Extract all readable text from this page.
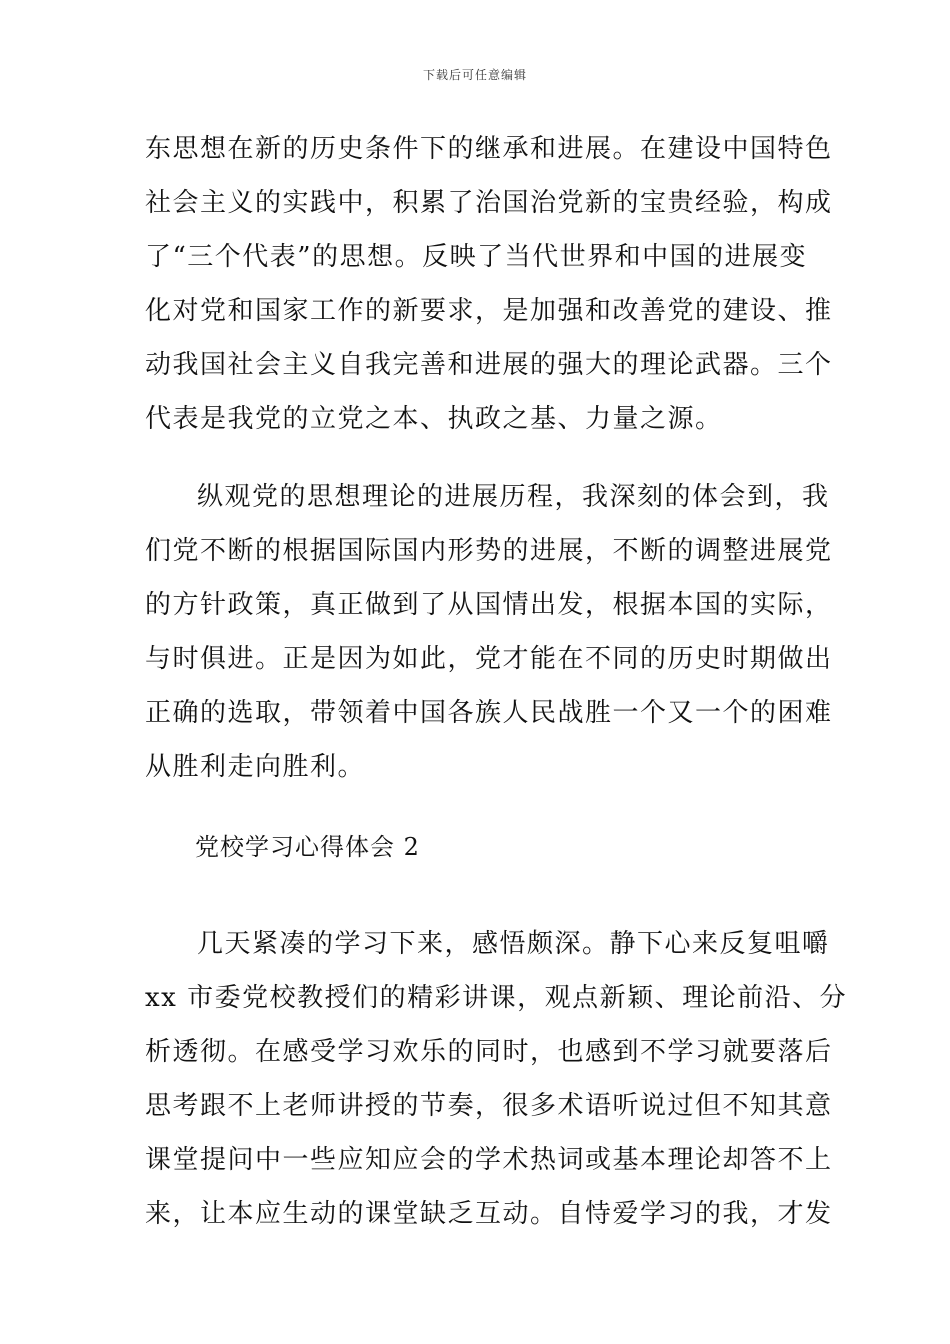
下载后可任意编辑
东思想在新的历史条件下的继承和进展。在建设中国特色
社会主义的实践中，积累了治国治党新的宝贵经验，构成
了“三个代表”的思想。反映了当代世界和中国的进展变
化对党和国家工作的新要求，是加强和改善党的建设、推
动我国社会主义自我完善和进展的强大的理论武器。三个
代表是我党的立党之本、执政之基、力量之源。
纵观党的思想理论的进展历程，我深刻的体会到，我
们党不断的根据国际国内形势的进展，不断的调整进展党
的方针政策，真正做到了从国情出发，根据本国的实际，
与时俱进。正是因为如此，党才能在不同的历史时期做出
正确的选取，带领着中国各族人民战胜一个又一个的困难
从胜利走向胜利。
党校学习心得体会 2
几天紧凑的学习下来，感悟颇深。静下心来反复咀嚼
xx 市委党校教授们的精彩讲课，观点新颖、理论前沿、分
析透彻。在感受学习欢乐的同时，也感到不学习就要落后
思考跟不上老师讲授的节奏，很多术语听说过但不知其意
课堂提问中一些应知应会的学术热词或基本理论却答不上
来，让本应生动的课堂缺乏互动。自恃爱学习的我，才发
